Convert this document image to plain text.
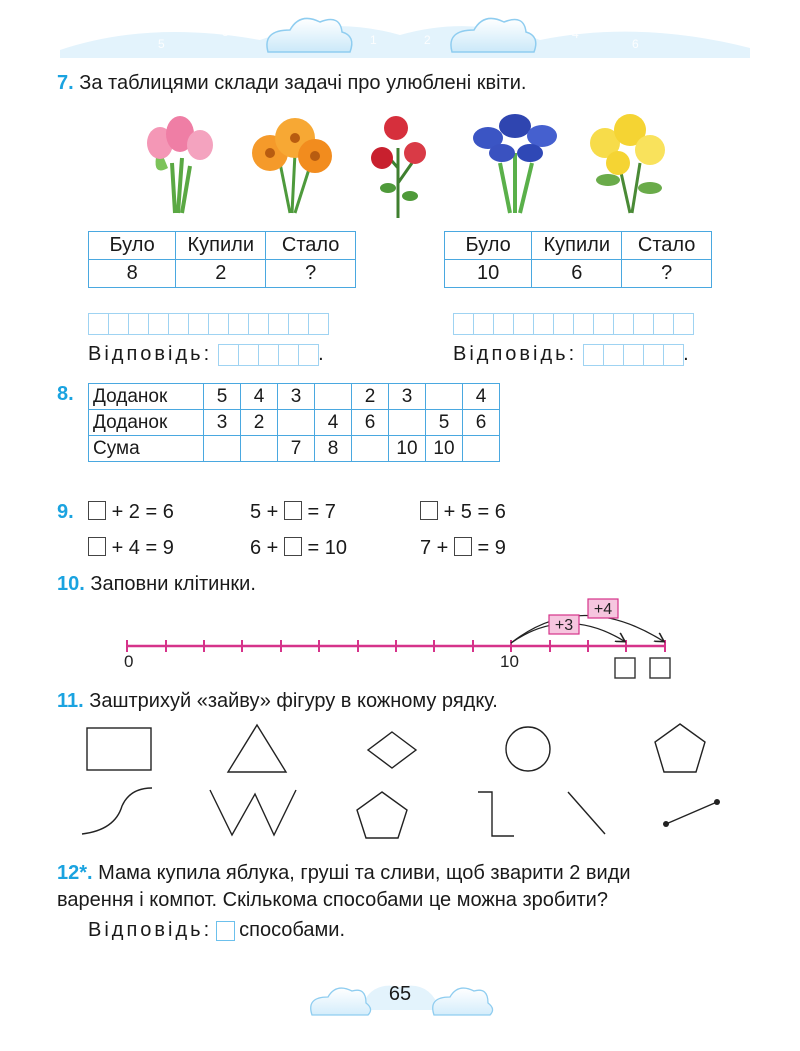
7
5
3
1
0
2	4
6
8
7. За таблицями склади задачі про улюблені квіти.
Було	Купили	Стало
8	2	?
Було	Купили	Стало
10	6	?
Відповідь:	.	Відповідь:	.
8. Доданок	5	4	3		2	3		4
Доданок	3	2		4	6		5	6
Сума			7	8		10	10	
9.	+ 2 = 6	5 + = 7	+ 5 = 6
+ 4 = 9	6 + = 10	7 + = 9
10. Заповни клітинки.
+3
+4
0	10
11. Заштрихуй «зайву» фігуру в кожному рядку.
12*. Мама купила яблука, груші та сливи, щоб зварити 2 види
варення і компот. Скількома способами це можна зробити?
Відповідь: способами.
65
